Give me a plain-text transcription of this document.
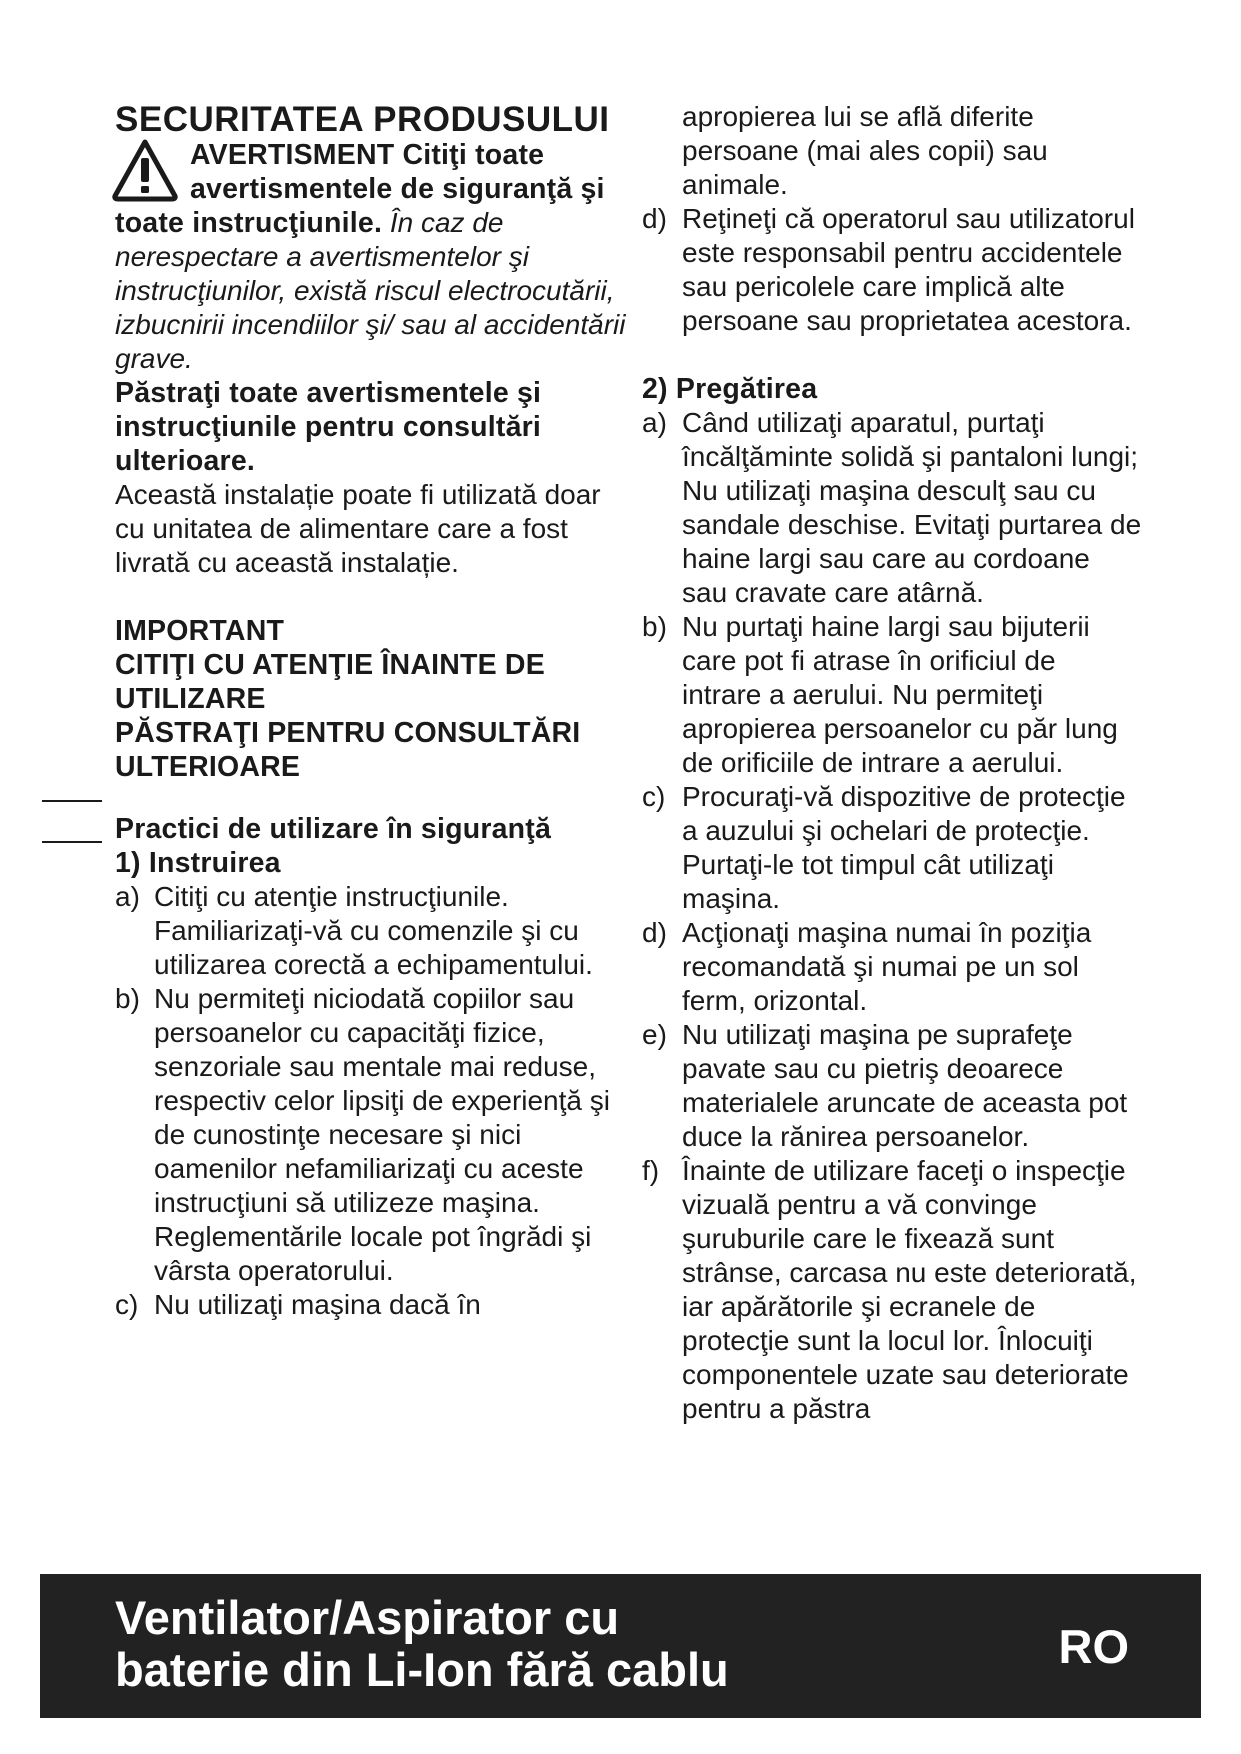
SECURITATEA PRODUSULUI
AVERTISMENT Citiţi toate avertismentele de siguranţă şi toate instrucţiunile. În caz de nerespectare a avertismentelor şi instrucţiunilor, există riscul electrocutării, izbucnirii incendiilor şi/ sau al accidentării grave.
Păstraţi toate avertismentele şi instrucţiunile pentru consultări ulterioare.
Această instalație poate fi utilizată doar cu unitatea de alimentare care a fost livrată cu această instalație.
IMPORTANT
CITIŢI CU ATENŢIE ÎNAINTE DE UTILIZARE
PĂSTRAŢI PENTRU CONSULTĂRI ULTERIOARE
Practici de utilizare în siguranţă
1) Instruirea
a) Citiţi cu atenţie instrucţiunile. Familiarizaţi-vă cu comenzile şi cu utilizarea corectă a echipamentului.
b) Nu permiteţi niciodată copiilor sau persoanelor cu capacităţi fizice, senzoriale sau mentale mai reduse, respectiv celor lipsiţi de experienţă şi de cunostinţe necesare şi nici oamenilor nefamiliarizaţi cu aceste instrucţiuni să utilizeze maşina. Reglementările locale pot îngrădi şi vârsta operatorului.
c) Nu utilizaţi maşina dacă în
apropierea lui se află diferite persoane (mai ales copii) sau animale.
d) Reţineţi că operatorul sau utilizatorul este responsabil pentru accidentele sau pericolele care implică alte persoane sau proprietatea acestora.
2) Pregătirea
a) Când utilizaţi aparatul, purtaţi încălţăminte solidă şi pantaloni lungi; Nu utilizaţi maşina desculţ sau cu sandale deschise. Evitaţi purtarea de haine largi sau care au cordoane sau cravate care atârnă.
b) Nu purtaţi haine largi sau bijuterii care pot fi atrase în orificiul de intrare a aerului. Nu permiteţi apropierea persoanelor cu păr lung de orificiile de intrare a aerului.
c) Procuraţi-vă dispozitive de protecţie a auzului şi ochelari de protecţie. Purtaţi-le tot timpul cât utilizaţi maşina.
d) Acţionaţi maşina numai în poziţia recomandată şi numai pe un sol ferm, orizontal.
e) Nu utilizaţi maşina pe suprafeţe pavate sau cu pietriş deoarece materialele aruncate de aceasta pot duce la rănirea persoanelor.
f) Înainte de utilizare faceţi o inspecţie vizuală pentru a vă convinge şuruburile care le fixează sunt strânse, carcasa nu este deteriorată, iar apărătorile şi ecranele de protecţie sunt la locul lor. Înlocuiţi componentele uzate sau deteriorate pentru a păstra
Ventilator/Aspirator cu
baterie din Li-Ion fără cablu	RO
